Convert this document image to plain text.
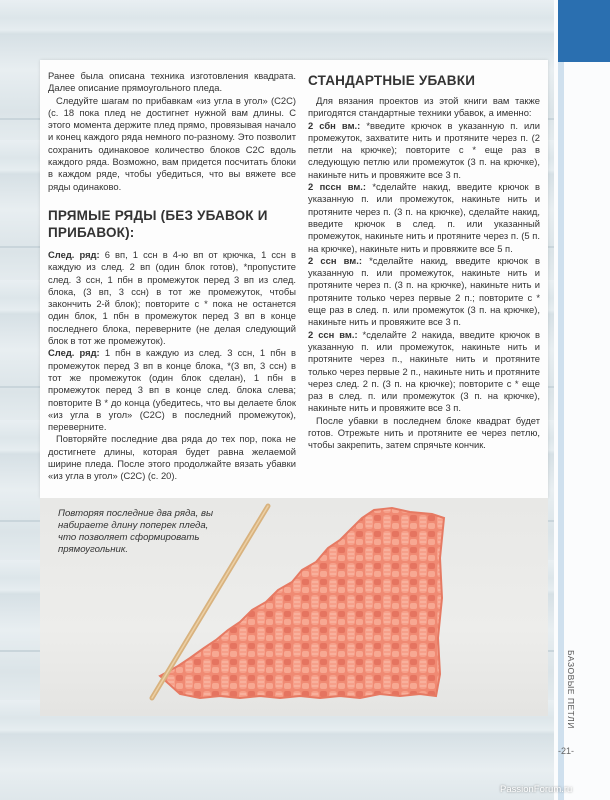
Ранее была описана техника изготовления квадрата. Далее описание прямоугольного пледа.
Следуйте шагам по прибавкам «из угла в угол» (C2C) (с. 18 пока плед не достигнет нужной вам длины. С этого момента держите плед прямо, провязывая начало и конец каждого ряда немного по-разному. Это позволит сохранить одинаковое количество блоков C2C вдоль каждого ряда. Возможно, вам придется посчитать блоки в каждом ряде, чтобы убедиться, что вы вяжете все ряды одинаково.
ПРЯМЫЕ РЯДЫ (БЕЗ УБАВОК И ПРИБАВОК):
След. ряд: 6 вп, 1 ссн в 4-ю вп от крючка, 1 ссн в каждую из след. 2 вп (один блок готов), *пропустите след. 3 ссн, 1 пбн в промежуток перед 3 вп из след. блока, (3 вп, 3 ссн) в тот же промежуток, чтобы закончить 2-й блок); повторите с * пока не останется один блок, 1 пбн в промежуток перед 3 вп в конце последнего блока, переверните (не делая следующий блок в тот же промежуток).
След. ряд: 1 пбн в каждую из след. 3 ссн, 1 пбн в промежуток перед 3 вп в конце блока, *(3 вп, 3 ссн) в тот же промежуток (один блок сделан), 1 пбн в промежуток перед 3 вп в конце след. блока слева; повторите В * до конца (убедитесь, что вы делаете блок «из угла в угол» (C2C) в последний промежуток), переверните.
Повторяйте последние два ряда до тех пор, пока не достигнете длины, которая будет равна желаемой ширине пледа. После этого продолжайте вязать убавки «из угла в угол» (C2C) (с. 20).
СТАНДАРТНЫЕ УБАВКИ
Для вязания проектов из этой книги вам также пригодятся стандартные техники убавок, а именно:
2 сбн вм.: *введите крючок в указанную п. или промежуток, захватите нить и протяните через п. (2 петли на крючке); повторите с * еще раз в следующую петлю или промежуток (3 п. на крючке), накиньте нить и провяжите все 3 п.
2 пссн вм.: *сделайте накид, введите крючок в указанную п. или промежуток, накиньте нить и протяните через п. (3 п. на крючке), сделайте накид, введите крючок в след. п. или указанный промежуток, накиньте нить и протяните через п. (5 п. на крючке), накиньте нить и провяжите все 5 п.
2 ссн вм.: *сделайте накид, введите крючок в указанную п. или промежуток, накиньте нить и протяните через п. (3 п. на крючке), накиньте нить и протяните только через первые 2 п.; повторите с * еще раз в след. п. или промежуток (3 п. на крючке), накиньте нить и провяжите все 3 п.
2 ссн вм.: *сделайте 2 накида, введите крючок в указанную п. или промежуток, накиньте нить и протяните через п., накиньте нить и протяните только через первые 2 п., накиньте нить и протяните через след. 2 п. (3 п. на крючке); повторите с * еще раз в след. п. или промежуток (3 п. на крючке), накиньте нить и провяжите все 3 п.
После убавки в последнем блоке квадрат будет готов. Отрежьте нить и протяните ее через петлю, чтобы закрепить, затем спрячьте кончик.
Повторяя последние два ряда, вы набираете длину поперек пледа, что позволяет сформировать прямоугольник.
БАЗОВЫЕ ПЕТЛИ
-21-
PassionForum.ru
